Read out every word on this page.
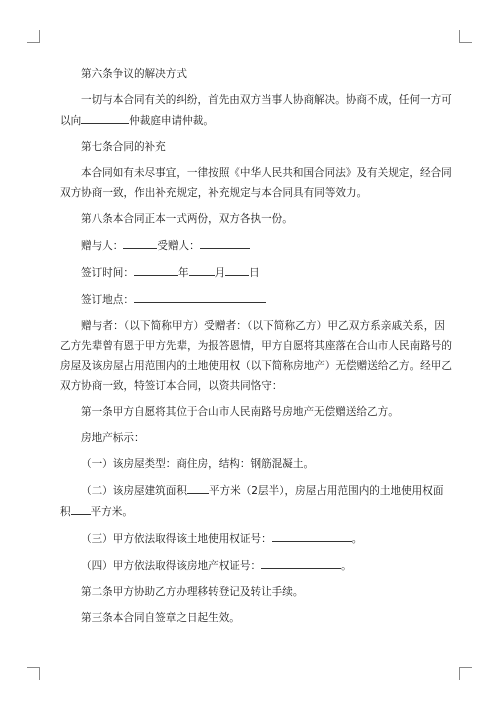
第六条争议的解决方式

一切与本合同有关的纠纷，首先由双方当事人协商解决。协商不成，任何一方可

以向	仲裁庭申请仲裁。

第七条合同的补充

本合同如有未尽事宜，一律按照《中华人民共和国合同法》及有关规定，经合同

双方协商一致，作出补充规定，补充规定与本合同具有同等效力。

第八条本合同正本一式两份，双方各执一份。

赠与人：	受赠人：

签订时间：	年 月 日

签订地点：

赠与者：（以下简称甲方）受赠者：（以下简称乙方）甲乙双方系亲戚关系，因

乙方先辈曾有恩于甲方先辈，为报答恩情，甲方自愿将其座落在合山市人民南路号的

房屋及该房屋占用范围内的土地使用权（以下简称房地产）无偿赠送给乙方。经甲乙

双方协商一致，特签订本合同，以资共同恪守：

第一条甲方自愿将其位于合山市人民南路号房地产无偿赠送给乙方。

房地产标示：

（一）该房屋类型：商住房，结构：钢筋混凝土。

（二）该房屋建筑面积 平方米（2层半），房屋占用范围内的土地使用权面

积 平方米。

（三）甲方依法取得该土地使用权证号：	。

（四）甲方依法取得该房地产权证号：	。

第二条甲方协助乙方办理移转登记及转让手续。

第三条本合同自签章之日起生效。
